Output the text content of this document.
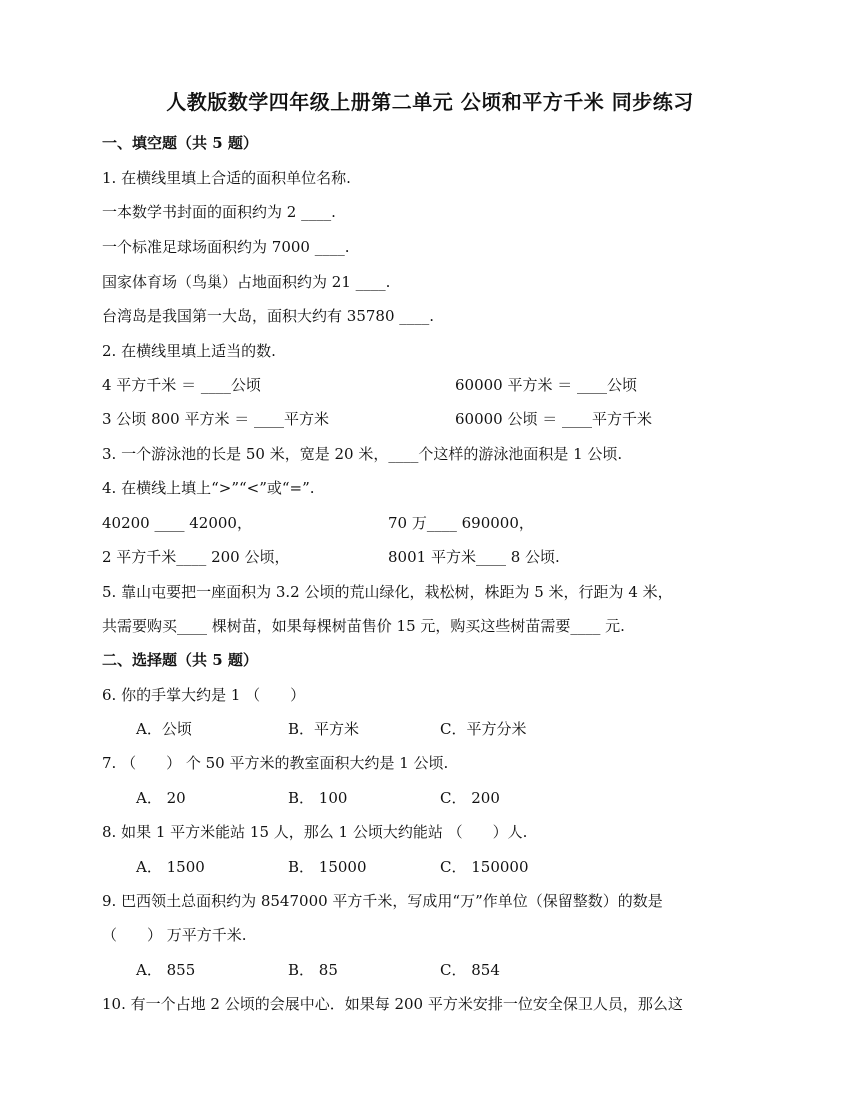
人教版数学四年级上册第二单元 公顷和平方千米 同步练习
一、填空题（共 5 题）
1. 在横线里填上合适的面积单位名称.
一本数学书封面的面积约为 2 ____.
一个标准足球场面积约为 7000 ____.
国家体育场（鸟巢）占地面积约为 21 ____.
台湾岛是我国第一大岛，面积大约有 35780 ____.
2. 在横线里填上适当的数.
4 平方千米 ＝ ____公顷	60000 平方米 ＝ ____公顷
3 公顷 800 平方米 ＝ ____平方米	60000 公顷 ＝ ____平方千米
3. 一个游泳池的长是 50 米，宽是 20 米，____个这样的游泳池面积是 1 公顷.
4. 在横线上填上“>”“<”或“=”.
40200 ____ 42000，	70 万____ 690000，
2 平方千米____ 200 公顷，	8001 平方米____ 8 公顷.
5. 靠山屯要把一座面积为 3.2 公顷的荒山绿化，栽松树，株距为 5 米，行距为 4 米，
共需要购买____ 棵树苗，如果每棵树苗售价 15 元，购买这些树苗需要____ 元.
二、选择题（共 5 题）
6. 你的手掌大约是 1 （　　）
A．公顷	B．平方米	C．平方分米
7. （　　） 个 50 平方米的教室面积大约是 1 公顷.
A． 20	B． 100	C． 200
8. 如果 1 平方米能站 15 人，那么 1 公顷大约能站 （　　）人.
A． 1500	B． 15000	C． 150000
9. 巴西领土总面积约为 8547000 平方千米，写成用“万”作单位（保留整数）的数是
（　　） 万平方千米.
A． 855	B． 85	C． 854
10. 有一个占地 2 公顷的会展中心．如果每 200 平方米安排一位安全保卫人员，那么这
